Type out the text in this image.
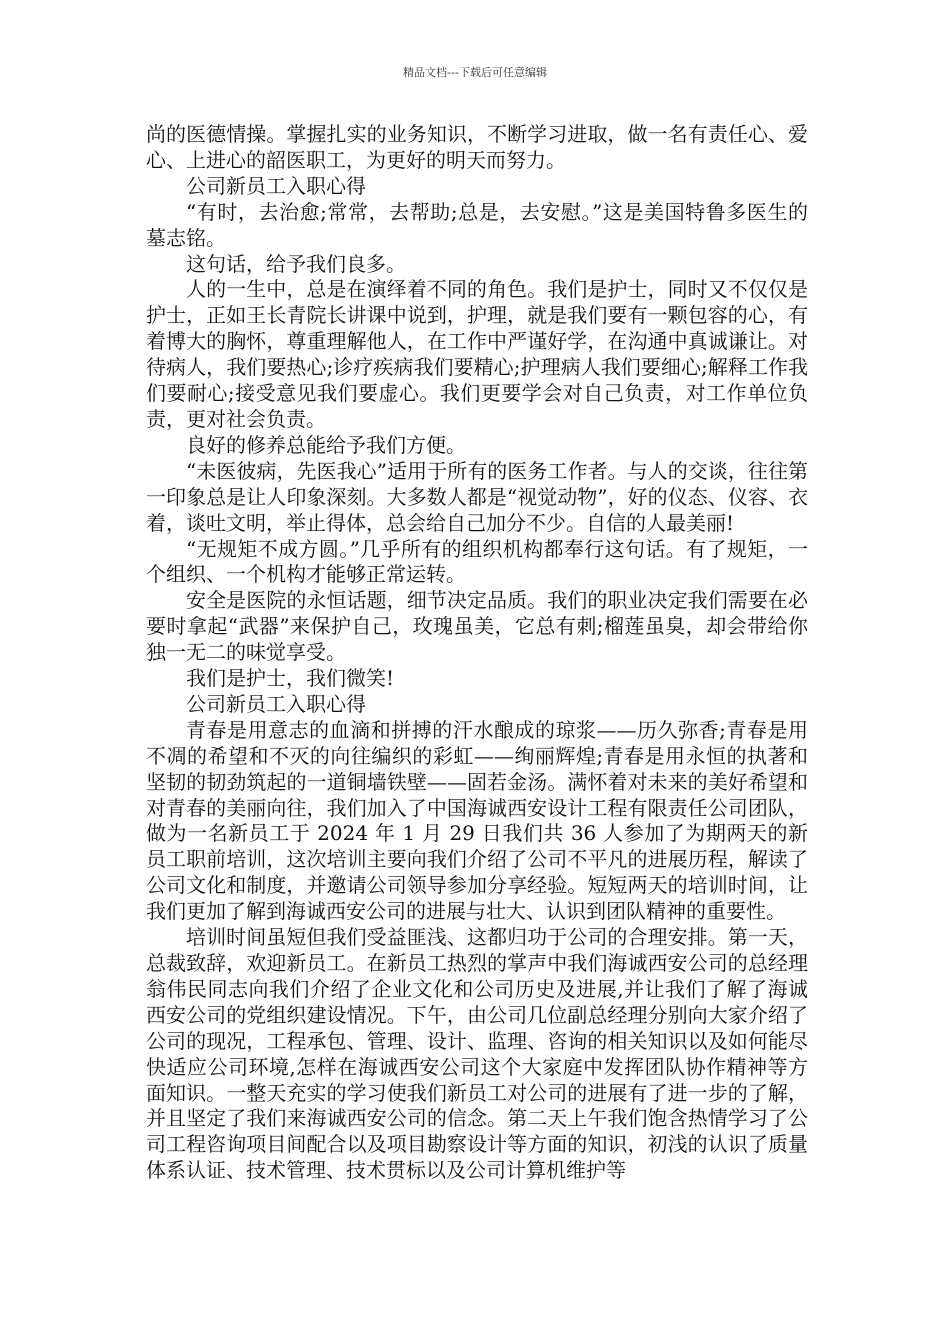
精品文档---下载后可任意编辑

尚的医德情操。掌握扎实的业务知识，不断学习进取，做一名有责任心、爱心、上进心的韶医职工，为更好的明天而努力。

公司新员工入职心得

“有时，去治愈;常常，去帮助;总是，去安慰。”这是美国特鲁多医生的墓志铭。

这句话，给予我们良多。

人的一生中，总是在演绎着不同的角色。我们是护士，同时又不仅仅是护士，正如王长青院长讲课中说到，护理，就是我们要有一颗包容的心，有着博大的胸怀，尊重理解他人，在工作中严谨好学，在沟通中真诚谦让。对待病人，我们要热心;诊疗疾病我们要精心;护理病人我们要细心;解释工作我们要耐心;接受意见我们要虚心。我们更要学会对自己负责，对工作单位负责，更对社会负责。

良好的修养总能给予我们方便。

“未医彼病，先医我心”适用于所有的医务工作者。与人的交谈，往往第一印象总是让人印象深刻。大多数人都是“视觉动物”，好的仪态、仪容、衣着，谈吐文明，举止得体，总会给自己加分不少。自信的人最美丽!

“无规矩不成方圆。”几乎所有的组织机构都奉行这句话。有了规矩，一个组织、一个机构才能够正常运转。

安全是医院的永恒话题，细节决定品质。我们的职业决定我们需要在必要时拿起“武器”来保护自己，玫瑰虽美，它总有刺;榴莲虽臭，却会带给你独一无二的味觉享受。

我们是护士，我们微笑!

公司新员工入职心得

青春是用意志的血滴和拼搏的汗水酿成的琼浆——历久弥香;青春是用不凋的希望和不灭的向往编织的彩虹——绚丽辉煌;青春是用永恒的执著和坚韧的韧劲筑起的一道铜墙铁壁——固若金汤。满怀着对未来的美好希望和对青春的美丽向往，我们加入了中国海诚西安设计工程有限责任公司团队，做为一名新员工于 2024 年 1 月 29 日我们共 36 人参加了为期两天的新员工职前培训，这次培训主要向我们介绍了公司不平凡的进展历程，解读了公司文化和制度，并邀请公司领导参加分享经验。短短两天的培训时间，让我们更加了解到海诚西安公司的进展与壮大、认识到团队精神的重要性。

培训时间虽短但我们受益匪浅、这都归功于公司的合理安排。第一天，总裁致辞，欢迎新员工。在新员工热烈的掌声中我们海诚西安公司的总经理翁伟民同志向我们介绍了企业文化和公司历史及进展,并让我们了解了海诚西安公司的党组织建设情况。下午，由公司几位副总经理分别向大家介绍了公司的现况，工程承包、管理、设计、监理、咨询的相关知识以及如何能尽快适应公司环境,怎样在海诚西安公司这个大家庭中发挥团队协作精神等方面知识。一整天充实的学习使我们新员工对公司的进展有了进一步的了解，并且坚定了我们来海诚西安公司的信念。第二天上午我们饱含热情学习了公司工程咨询项目间配合以及项目勘察设计等方面的知识，初浅的认识了质量体系认证、技术管理、技术贯标以及公司计算机维护等
